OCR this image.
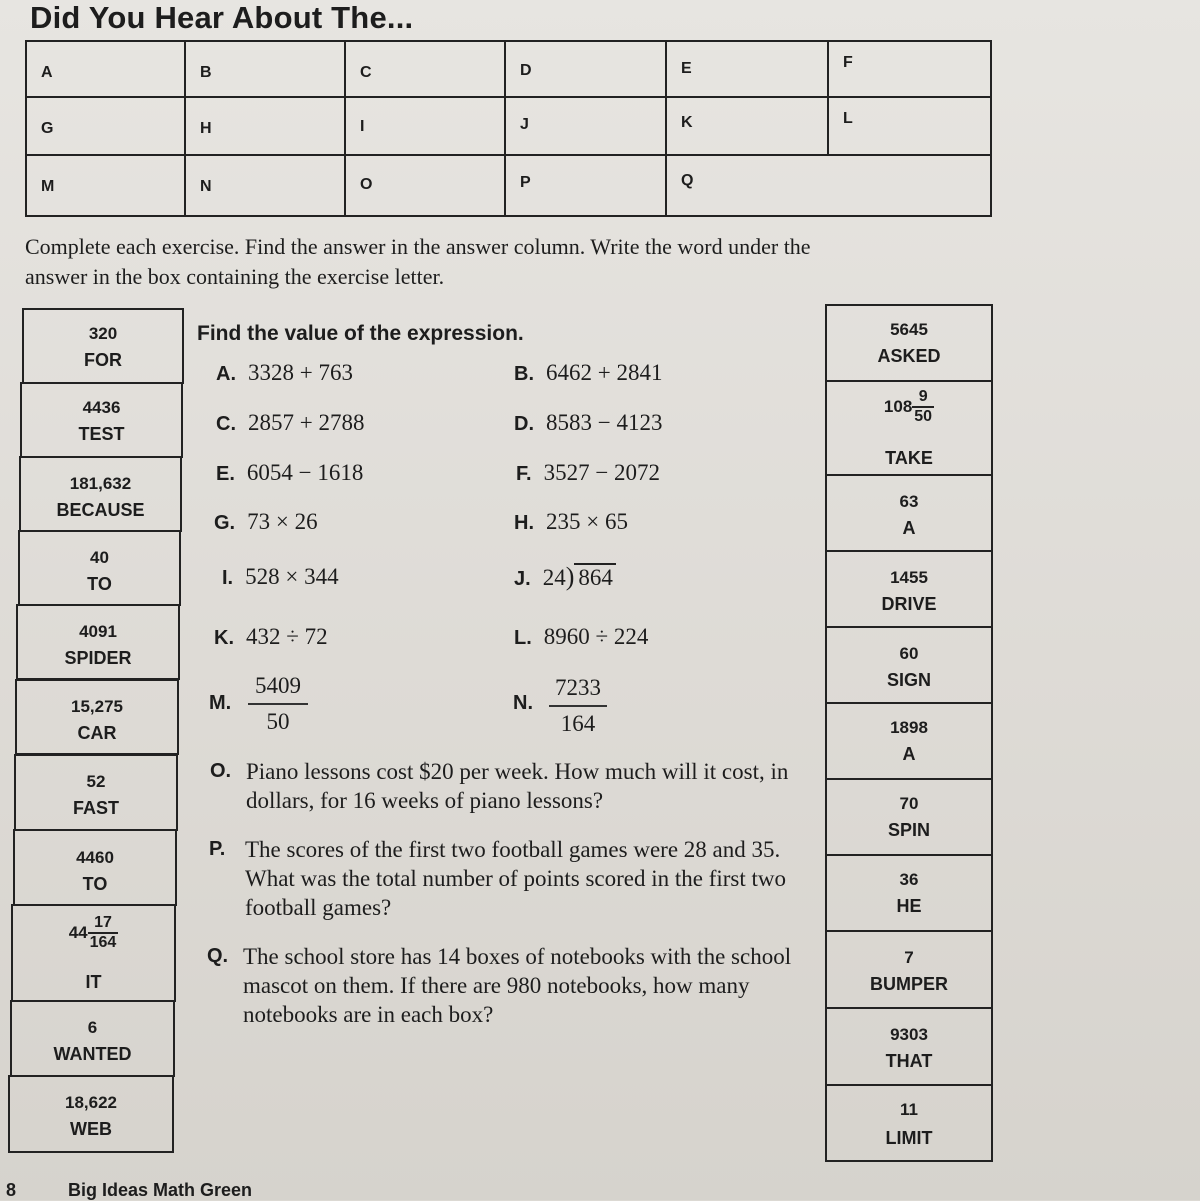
Did You Hear About The...
A	B	C	D	E	F
G	H	I	J	K	L
M	N	O	P	Q
Complete each exercise. Find the answer in the answer column. Write the word under the answer in the box containing the exercise letter.
320
FOR
4436
TEST
181,632
BECAUSE
40
TO
4091
SPIDER
15,275
CAR
52
FAST
4460
TO
$44 \frac{17}{164}$
IT
6
WANTED
18,622
WEB
5645
ASKED
$108 \frac{9}{50}$
TAKE
63
A
1455
DRIVE
60
SIGN
1898
A
70
SPIN
36
HE
7
BUMPER
9303
THAT
11
LIMIT
Find the value of the expression.
A. 3328 + 763	B. 6462 + 2841
C. 2857 + 2788	D. 8583 − 4123
E. 6054 − 1618	F. 3527 − 2072
G. 73 × 26	H. 235 × 65
I. 528 × 344	J. 24) 864
K. 432 ÷ 72	L. 8960 ÷ 224
M. $\frac{5409}{50}$	N. $\frac{7233}{164}$
O. Piano lessons cost $20 per week. How much will it cost, in dollars, for 16 weeks of piano lessons?
P. The scores of the first two football games were 28 and 35. What was the total number of points scored in the first two football games?
Q. The school store has 14 boxes of notebooks with the school mascot on them. If there are 980 notebooks, how many notebooks are in each box?
8	Big Ideas Math Green
